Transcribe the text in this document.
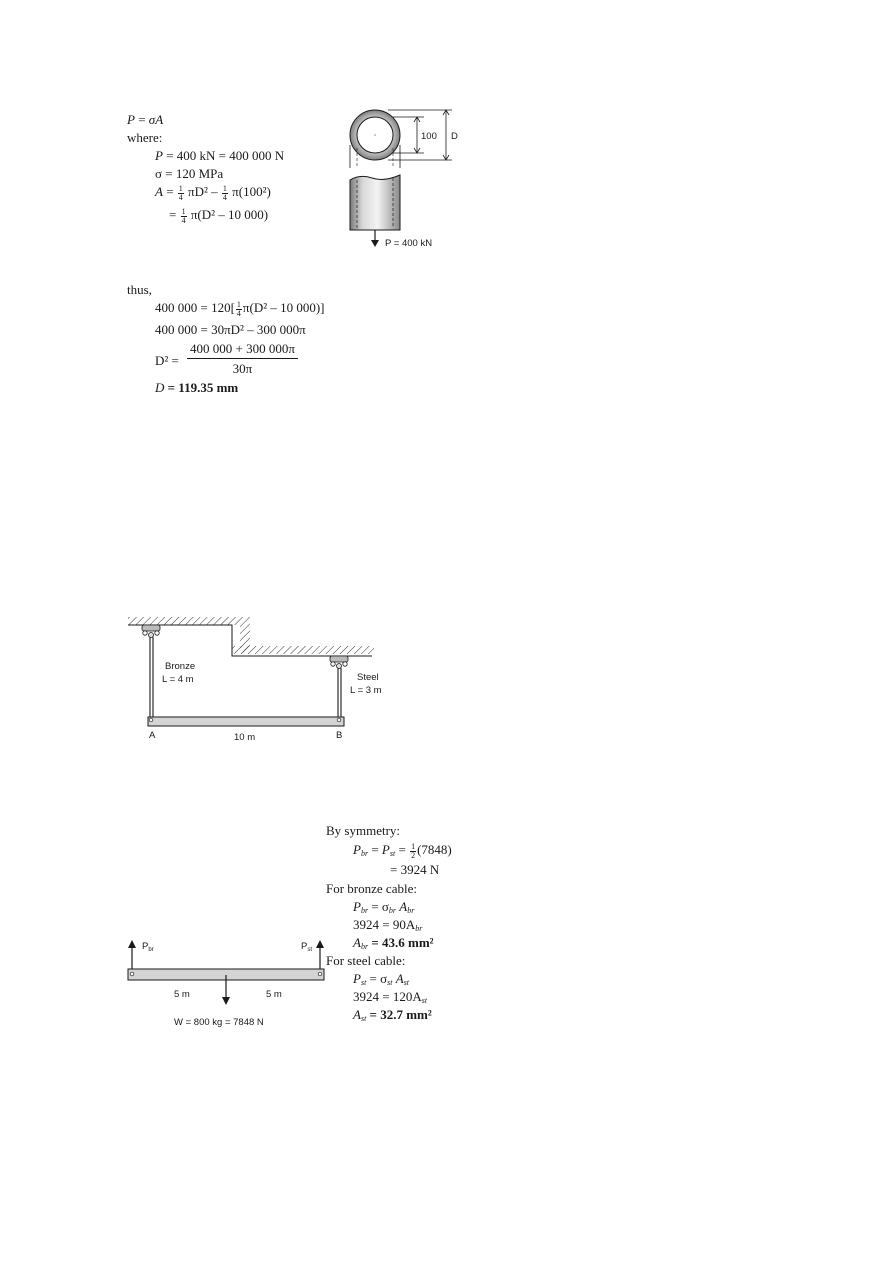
P = σA
where:
P = 400 kN = 400 000 N
σ = 120 MPa
$A = \frac{1}{4} \pi D^2 - \frac{1}{4} \pi(100^2)$
= $\frac{1}{4} \pi(D^2 - 10$ 000)
thus,
400 $000 = 120[ \frac{1}{4} \pi(D^2 - 10$ 000)]
400 000 = 30πD² – 300 000π
D² =
400 000 + 300 000π
30π
D = 119.35 mm
100 D
P = 400 kN
Bronze
L = 4 m	Steel
L = 3 m
A	B
10 m
$P_{br}$	$P_{st}$
5 m	5 m
W = 800 kg = 7848 N
By symmetry:
$P_{br} = P_{st} = \frac{1}{2} (7848)$
= 3924 N
For bronze cable:
$P_{br} = \sigma_{br}$ $A_{br}$
$3924 = 90A_{br}$
$A_{br} = 43.6$ mm²
For steel cable:
$P_{st} = \sigma_{st}$ $A_{st}$
$3924 = 120A_{st}$
$A_{st} = 32.7$ mm²
